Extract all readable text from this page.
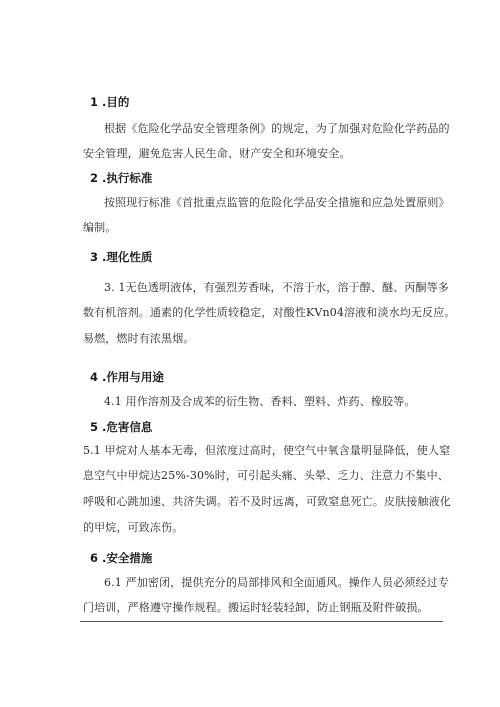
1 .目的
根据《危险化学品安全管理条例》的规定，为了加强对危险化学药品的
安全管理，避免危害人民生命、财产安全和环境安全。
2 .执行标准
按照现行标准《首批重点监管的危险化学品安全措施和应急处置原则》
编制。
3 .理化性质
3. 1无色透明液体，有强烈芳香味，不溶于水，溶于醇、醚、丙酮等多
数有机溶剂。通素的化学性质较稳定，对酸性KVn04溶液和淡水均无反应。
易燃，燃时有浓黑烟。
4 .作用与用途
4.1 用作溶剂及合成苯的衍生物、香料、塑料、炸药、橡胶等。
5 .危害信息
5.1 甲烷对人基本无毒，但浓度过高时，使空气中氧含量明显降低，使人窒
息空气中甲烷达25%-30%时，可引起头痛、头晕、乏力、注意力不集中、
呼吸和心跳加速、共济失调。若不及时远离，可致窒息死亡。皮肤接触液化
的甲烷，可致冻伤。
6 .安全措施
6.1 严加密闭，提供充分的局部排风和全面通风。操作人员必须经过专
门培训，严格遵守操作规程。搬运时轻装轻卸，防止钢瓶及附件破损。
